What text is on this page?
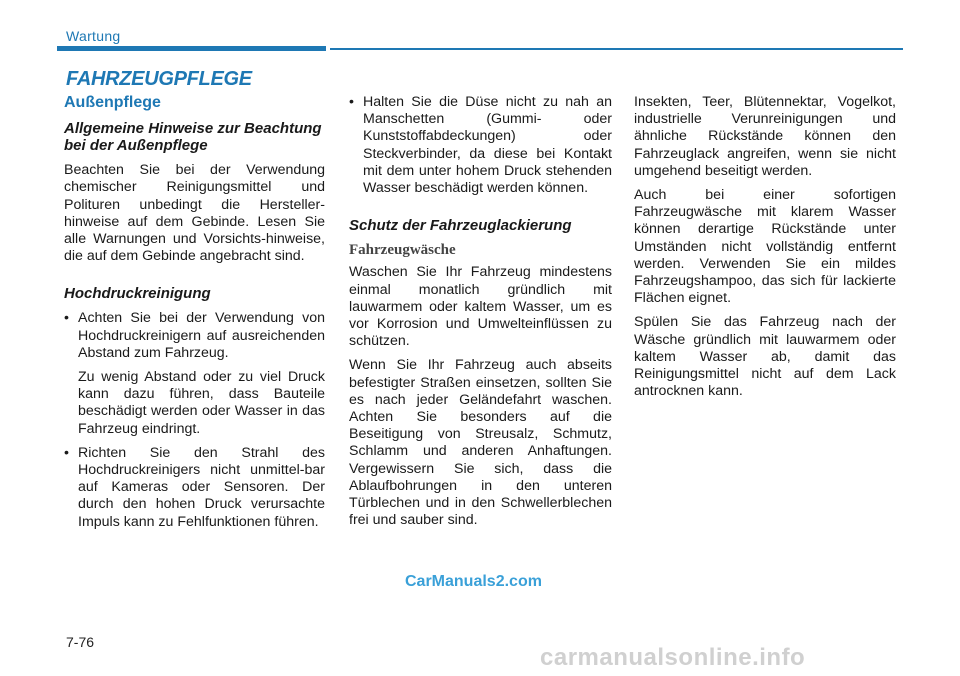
Wartung
FAHRZEUGPFLEGE
Außenpflege
Allgemeine Hinweise zur Beachtung bei der Außenpflege

Beachten Sie bei der Verwendung chemischer Reinigungsmittel und Polituren unbedingt die Hersteller-hinweise auf dem Gebinde. Lesen Sie alle Warnungen und Vorsichts-hinweise, die auf dem Gebinde angebracht sind.

Hochdruckreinigung
• Achten Sie bei der Verwendung von Hochdruckreinigern auf ausreichenden Abstand zum Fahrzeug.

Zu wenig Abstand oder zu viel Druck kann dazu führen, dass Bauteile beschädigt werden oder Wasser in das Fahrzeug eindringt.

• Richten Sie den Strahl des Hochdruckreinigers nicht unmittel-bar auf Kameras oder Sensoren. Der durch den hohen Druck verursachte Impuls kann zu Fehlfunktionen führen.

• Halten Sie die Düse nicht zu nah an Manschetten (Gummi- oder Kunststoffabdeckungen) oder Steckverbinder, da diese bei Kontakt mit dem unter hohem Druck stehenden Wasser beschädigt werden können.

Schutz der Fahrzeuglackierung
Fahrzeugwäsche

Waschen Sie Ihr Fahrzeug mindestens einmal monatlich gründlich mit lauwarmem oder kaltem Wasser, um es vor Korrosion und Umwelteinflüssen zu schützen.

Wenn Sie Ihr Fahrzeug auch abseits befestigter Straßen einsetzen, sollten Sie es nach jeder Geländefahrt waschen. Achten Sie besonders auf die Beseitigung von Streusalz, Schmutz, Schlamm und anderen Anhaftungen. Vergewissern Sie sich, dass die Ablaufbohrungen in den unteren Türblechen und in den Schwellerblechen frei und sauber sind.

Insekten, Teer, Blütennektar, Vogelkot, industrielle Verunreinigungen und ähnliche Rückstände können den Fahrzeuglack angreifen, wenn sie nicht umgehend beseitigt werden.

Auch bei einer sofortigen Fahrzeugwäsche mit klarem Wasser können derartige Rückstände unter Umständen nicht vollständig entfernt werden. Verwenden Sie ein mildes Fahrzeugshampoo, das sich für lackierte Flächen eignet.

Spülen Sie das Fahrzeug nach der Wäsche gründlich mit lauwarmem oder kaltem Wasser ab, damit das Reinigungsmittel nicht auf dem Lack antrocknen kann.

CarManuals2.com
7-76
carmanualsonline.info
